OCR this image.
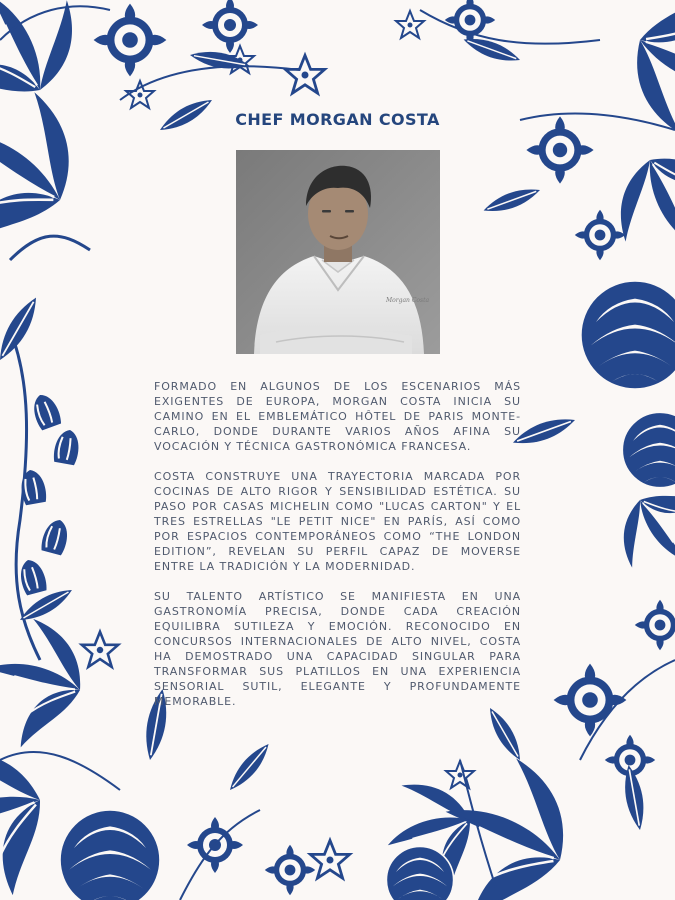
CHEF MORGAN COSTA
Morgan Costa

FORMADO EN ALGUNOS DE LOS ESCENARIOS MÁS EXIGENTES DE EUROPA, MORGAN COSTA INICIA SU CAMINO EN EL EMBLEMÁTICO HÔTEL DE PARIS MONTE-CARLO, DONDE DURANTE VARIOS AÑOS AFINA SU VOCACIÓN Y TÉCNICA GASTRONÓMICA FRANCESA.

COSTA CONSTRUYE UNA TRAYECTORIA MARCADA POR COCINAS DE ALTO RIGOR Y SENSIBILIDAD ESTÉTICA. SU PASO POR CASAS MICHELIN COMO "LUCAS CARTON" Y EL TRES ESTRELLAS "LE PETIT NICE" EN PARÍS, ASÍ COMO POR ESPACIOS CONTEMPORÁNEOS COMO “THE LONDON EDITION”, REVELAN SU PERFIL CAPAZ DE MOVERSE ENTRE LA TRADICIÓN Y LA MODERNIDAD.

SU TALENTO ARTÍSTICO SE MANIFIESTA EN UNA GASTRONOMÍA PRECISA, DONDE CADA CREACIÓN EQUILIBRA SUTILEZA Y EMOCIÓN. RECONOCIDO EN CONCURSOS INTERNACIONALES DE ALTO NIVEL, COSTA HA DEMOSTRADO UNA CAPACIDAD SINGULAR PARA TRANSFORMAR SUS PLATILLOS EN UNA EXPERIENCIA SENSORIAL SUTIL, ELEGANTE Y PROFUNDAMENTE MEMORABLE.
